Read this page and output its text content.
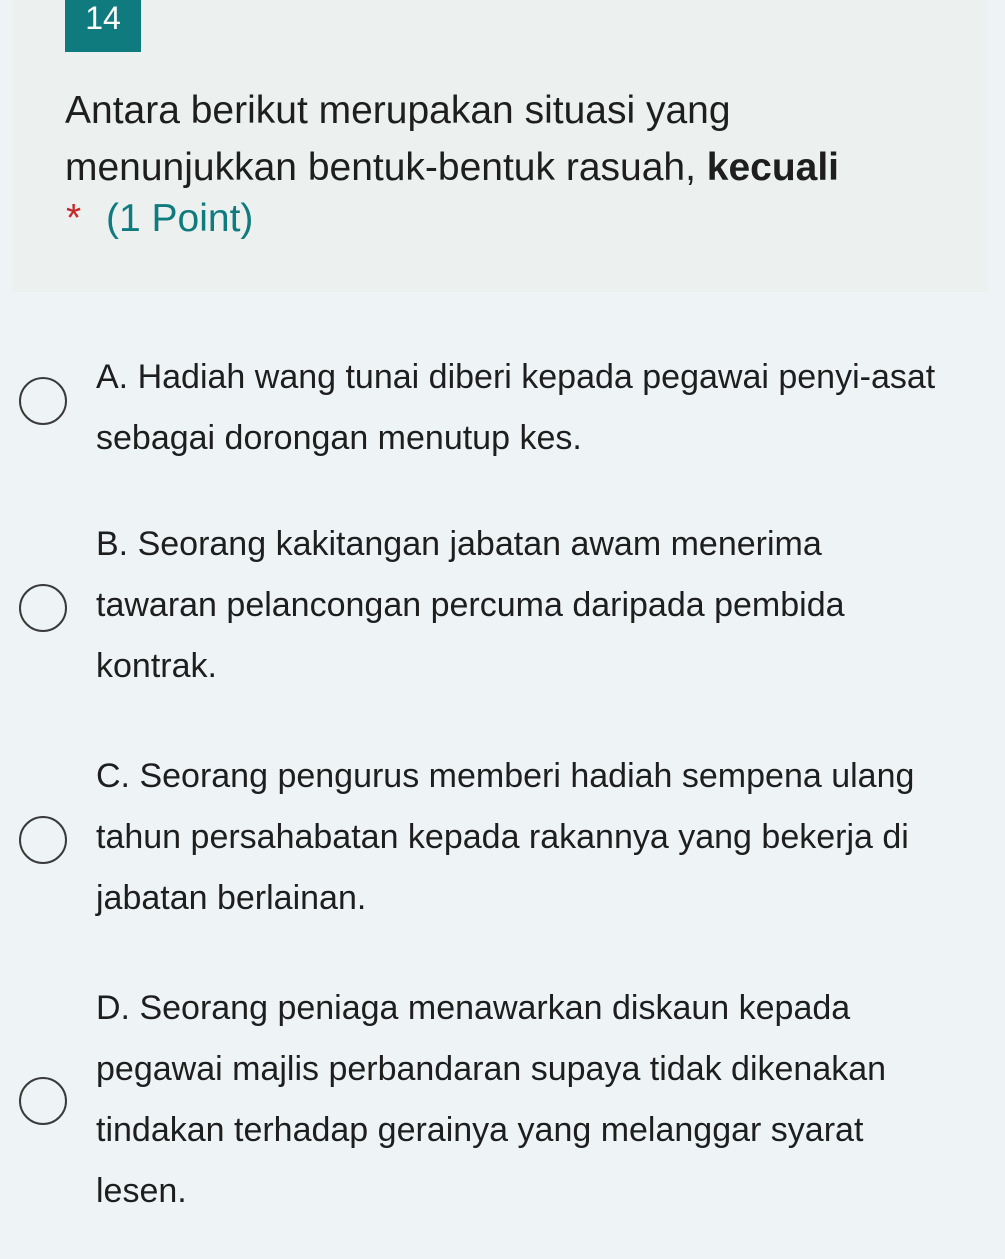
14
Antara berikut merupakan situasi yang menunjukkan bentuk-bentuk rasuah, kecuali
* (1 Point)
A. Hadiah wang tunai diberi kepada pegawai penyi-asat sebagai dorongan menutup kes.
B. Seorang kakitangan jabatan awam menerima tawaran pelancongan percuma daripada pembida kontrak.
C. Seorang pengurus memberi hadiah sempena ulang tahun persahabatan kepada rakannya yang bekerja di jabatan berlainan.
D. Seorang peniaga menawarkan diskaun kepada pegawai majlis perbandaran supaya tidak dikenakan tindakan terhadap gerainya yang melanggar syarat lesen.
